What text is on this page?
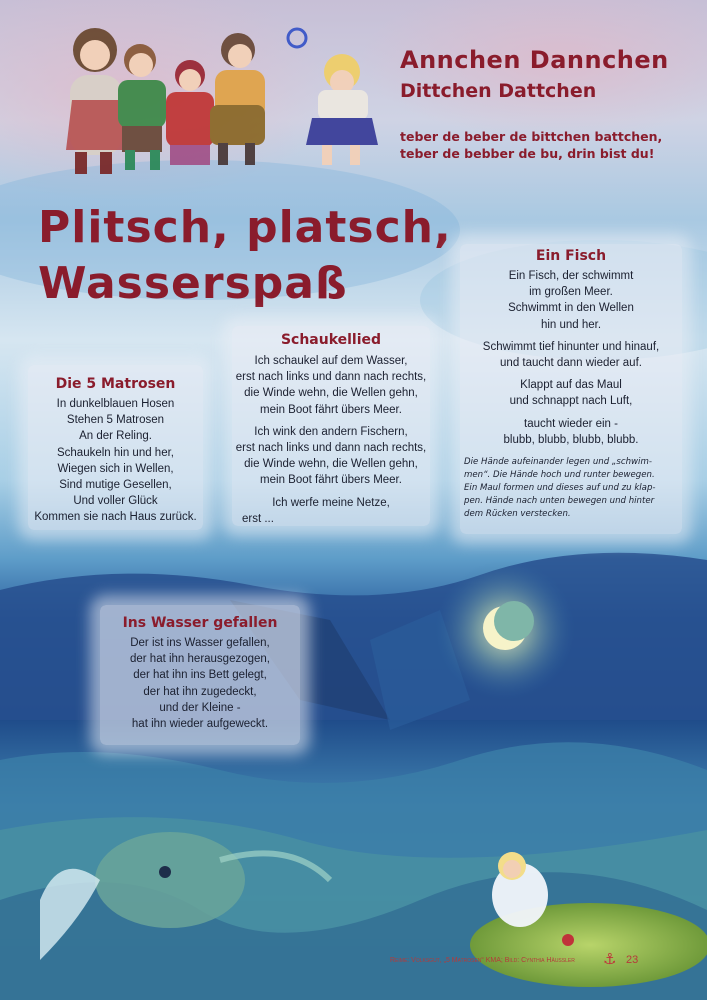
Annchen Dannchen
Dittchen Dattchen
teber de beber de bittchen battchen,
teber de bebber de bu, drin bist du!
Plitsch, platsch,
Wasserspaß
Die 5 Matrosen
In dunkelblauen Hosen
Stehen 5 Matrosen
An der Reling.
Schaukeln hin und her,
Wiegen sich in Wellen,
Sind mutige Gesellen,
Und voller Glück
Kommen sie nach Haus zurück.
Schaukellied
Ich schaukel auf dem Wasser,
erst nach links und dann nach rechts,
die Winde wehn, die Wellen gehn,
mein Boot fährt übers Meer.
Ich wink den andern Fischern,
erst nach links und dann nach rechts,
die Winde wehn, die Wellen gehn,
mein Boot fährt übers Meer.
Ich werfe meine Netze,
erst ...
Ein Fisch
Ein Fisch, der schwimmt
im großen Meer.
Schwimmt in den Wellen
hin und her.
Schwimmt tief hinunter und hinauf,
und taucht dann wieder auf.
Klappt auf das Maul
und schnappt nach Luft,
taucht wieder ein -
blubb, blubb, blubb, blubb.
Die Hände aufeinander legen und „schwim-
men“. Die Hände hoch und runter bewegen.
Ein Maul formen und dieses auf und zu klap-
pen. Hände nach unten bewegen und hinter
dem Rücken verstecken.
Ins Wasser gefallen
Der ist ins Wasser gefallen,
der hat ihn herausgezogen,
der hat ihn ins Bett gelegt,
der hat ihn zugedeckt,
und der Kleine -
hat ihn wieder aufgeweckt.
Reime: Volksgut, „5 Matrosen“ KMA; Bild: Cynthia Häußler ⚓ 23
